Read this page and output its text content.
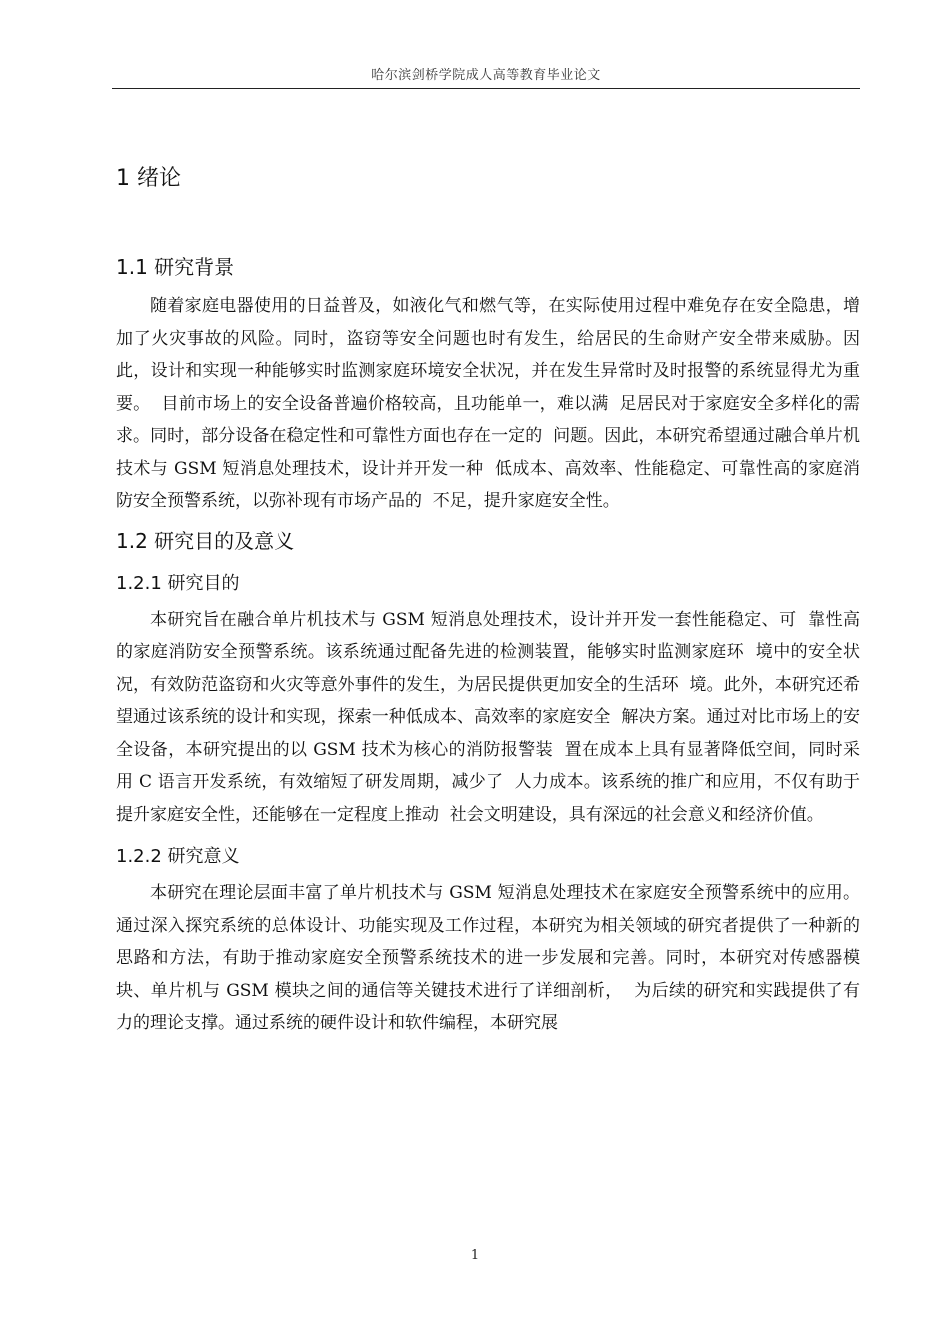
哈尔滨剑桥学院成人高等教育毕业论文
1 绪论
1.1 研究背景

随着家庭电器使用的日益普及，如液化气和燃气等，在实际使用过程中难免存在安全隐患，增加了火灾事故的风险。同时，盗窃等安全问题也时有发生，给居民的生命财产安全带来威胁。因此，设计和实现一种能够实时监测家庭环境安全状况，并在发生异常时及时报警的系统显得尤为重要。  目前市场上的安全设备普遍价格较高，且功能单一，难以满  足居民对于家庭安全多样化的需求。同时，部分设备在稳定性和可靠性方面也存在一定的  问题。因此，本研究希望通过融合单片机技术与 GSM 短消息处理技术，设计并开发一种  低成本、高效率、性能稳定、可靠性高的家庭消防安全预警系统，以弥补现有市场产品的  不足，提升家庭安全性。

1.2 研究目的及意义
1.2.1 研究目的

本研究旨在融合单片机技术与 GSM 短消息处理技术，设计并开发一套性能稳定、可  靠性高的家庭消防安全预警系统。该系统通过配备先进的检测装置，能够实时监测家庭环  境中的安全状况，有效防范盗窃和火灾等意外事件的发生，为居民提供更加安全的生活环  境。此外，本研究还希望通过该系统的设计和实现，探索一种低成本、高效率的家庭安全  解决方案。通过对比市场上的安全设备，本研究提出的以 GSM 技术为核心的消防报警装  置在成本上具有显著降低空间，同时采用 C 语言开发系统，有效缩短了研发周期，减少了  人力成本。该系统的推广和应用，不仅有助于提升家庭安全性，还能够在一定程度上推动  社会文明建设，具有深远的社会意义和经济价值。

1.2.2 研究意义

本研究在理论层面丰富了单片机技术与 GSM 短消息处理技术在家庭安全预警系统中的应用。通过深入探究系统的总体设计、功能实现及工作过程，本研究为相关领域的研究者提供了一种新的思路和方法，有助于推动家庭安全预警系统技术的进一步发展和完善。同时，本研究对传感器模块、单片机与 GSM 模块之间的通信等关键技术进行了详细剖析，  为后续的研究和实践提供了有力的理论支撑。通过系统的硬件设计和软件编程，本研究展

1
